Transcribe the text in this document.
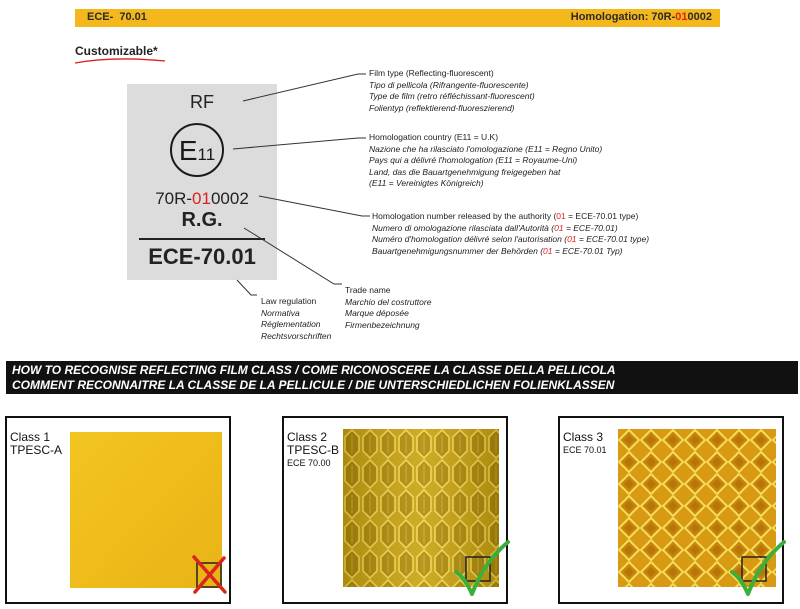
ECE-  70.01	Homologation: 70R-010002
Customizable*
RF
E11
70R-010002
R.G.
ECE-70.01
Film type (Reflecting-fluorescent)
Tipo di pellicola (Rifrangente-fluorescente)
Type de film (retro réfléchissant-fluorescent)
Folientyp (reflektierend-fluoreszierend)
Homologation country (E11 = U.K)
Nazione che ha rilasciato l'omologazione (E11 = Regno Unito)
Pays qui a délivré l'homologation (E11 = Royaume-Uni)
Land, das die Bauartgenehmigung freigegeben hat
(E11 = Vereinigtes Königreich)
Homologation number released by the authority (01 = ECE-70.01 type)
Numero di omologazione rilasciata dall'Autorità (01 = ECE-70.01)
Numéro d'homologation délivré selon l'autorisation (01 = ECE-70.01 type)
Bauartgenehmigungsnummer der Behörden (01 = ECE-70.01 Typ)
Trade name
Marchio del costruttore
Marque déposée
Firmenbezeichnung
Law regulation
Normativa
Réglementation
Rechtsvorschriften
HOW TO RECOGNISE REFLECTING FILM CLASS / COME RICONOSCERE LA CLASSE DELLA PELLICOLA
COMMENT RECONNAITRE LA CLASSE DE LA PELLICULE / DIE UNTERSCHIEDLICHEN FOLIENKLASSEN
Class 1
TPESC-A
Class 2
TPESC-B
ECE 70.00
Class 3
ECE 70.01
